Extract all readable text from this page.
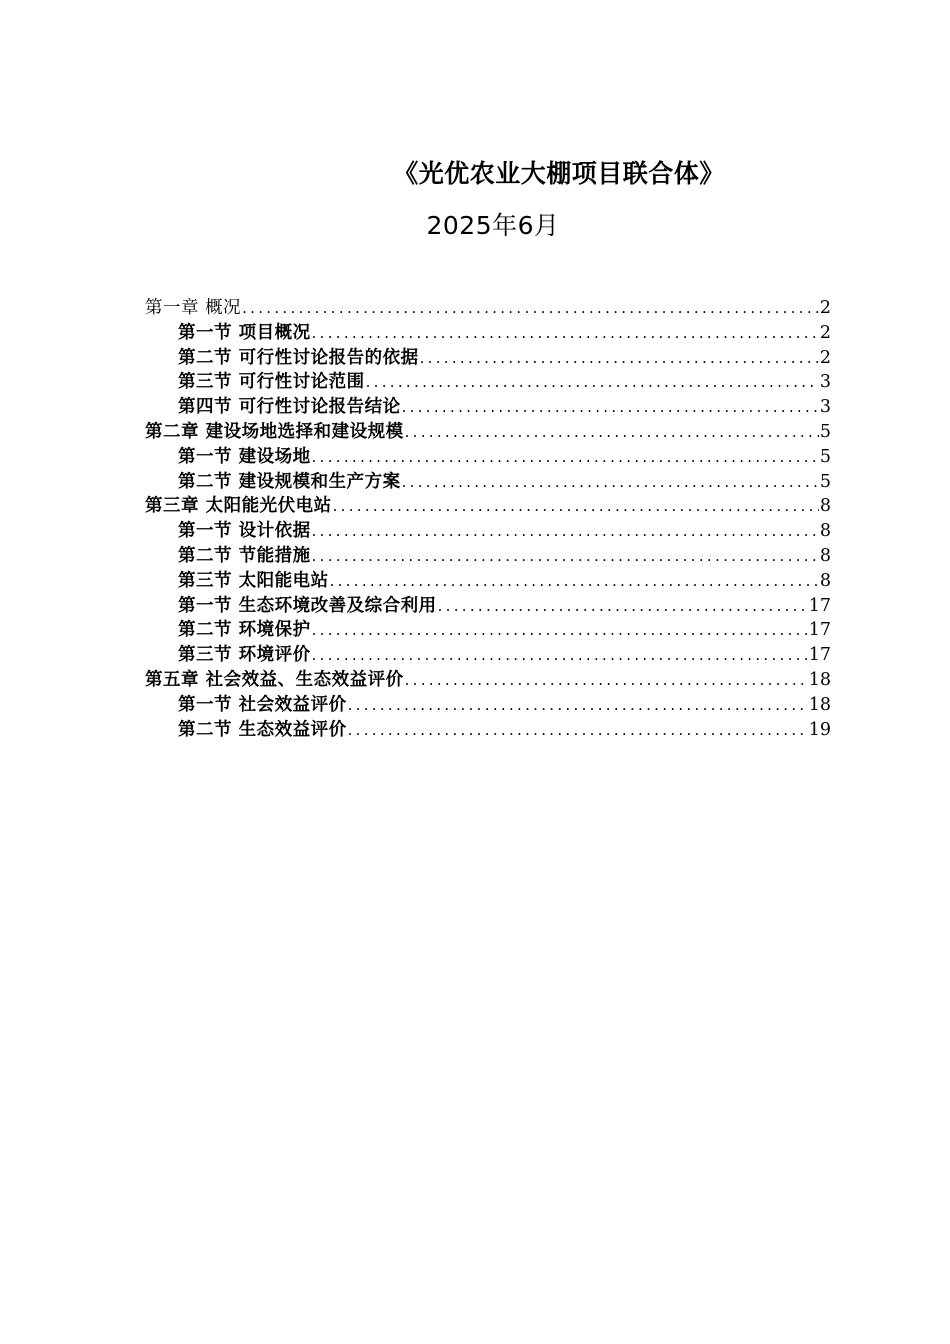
《光优农业大棚项目联合体》
2025年6月
第一章 概况 .....	2
第一节 项目概况 .....	2
第二节 可行性讨论报告的依据 .....	2
第三节 可行性讨论范围 .....	3
第四节 可行性讨论报告结论 .....	3
第二章 建设场地选择和建设规模 .....	5
第一节 建设场地 .....	5
第二节 建设规模和生产方案 .....	5
第三章 太阳能光伏电站 .....	8
第一节 设计依据 .....	8
第二节 节能措施 .....	8
第三节 太阳能电站 .....	8
第一节 生态环境改善及综合利用 .....	17
第二节 环境保护 .....	17
第三节 环境评价 .....	17
第五章 社会效益、生态效益评价 .....	18
第一节 社会效益评价 .....	18
第二节 生态效益评价 .....	19
